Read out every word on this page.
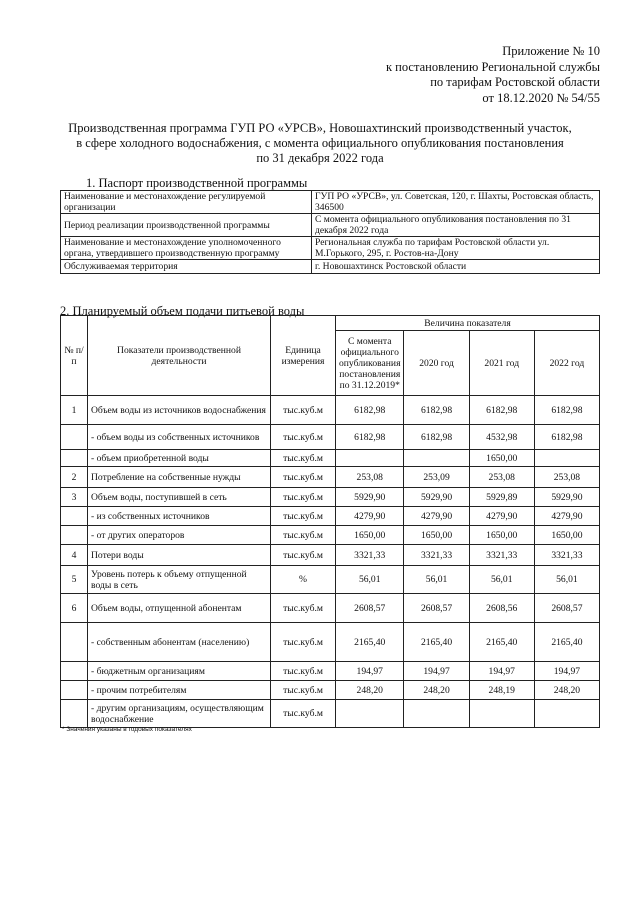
Приложение № 10
к постановлению Региональной службы
по тарифам Ростовской области
от 18.12.2020 № 54/55
Производственная программа ГУП РО «УРСВ», Новошахтинский производственный участок,
в сфере холодного водоснабжения, с момента официального опубликования постановления
по 31 декабря 2022 года
1. Паспорт производственной программы
Наименование и местонахождение регулируемой организации	ГУП РО «УРСВ», ул. Советская, 120, г. Шахты, Ростовская область, 346500
Период реализации производственной программы	С момента официального опубликования постановления по 31 декабря 2022 года
Наименование и местонахождение уполномоченного органа, утвердившего производственную программу	Региональная служба по тарифам Ростовской области ул. М.Горького, 295, г. Ростов-на-Дону
Обслуживаемая территория	г. Новошахтинск Ростовской области
2. Планируемый объем подачи питьевой воды
№ п/п	Показатели производственной деятельности	Единица измерения	Величина показателя			
			С момента официального опубликования постановления по 31.12.2019*	2020 год	2021 год	2022 год
1	Объем воды из источников водоснабжения	тыс.куб.м	6182,98	6182,98	6182,98	6182,98
	- объем воды из собственных источников	тыс.куб.м	6182,98	6182,98	4532,98	6182,98
	- объем приобретенной воды	тыс.куб.м			1650,00	
2	Потребление на собственные нужды	тыс.куб.м	253,08	253,09	253,08	253,08
3	Объем воды, поступившей в сеть	тыс.куб.м	5929,90	5929,90	5929,89	5929,90
	- из собственных источников	тыс.куб.м	4279,90	4279,90	4279,90	4279,90
	- от других операторов	тыс.куб.м	1650,00	1650,00	1650,00	1650,00
4	Потери воды	тыс.куб.м	3321,33	3321,33	3321,33	3321,33
5	Уровень потерь к объему отпущенной воды в сеть	%	56,01	56,01	56,01	56,01
6	Объем воды, отпущенной абонентам	тыс.куб.м	2608,57	2608,57	2608,56	2608,57
	- собственным абонентам (населению)	тыс.куб.м	2165,40	2165,40	2165,40	2165,40
	- бюджетным организациям	тыс.куб.м	194,97	194,97	194,97	194,97
	- прочим потребителям	тыс.куб.м	248,20	248,20	248,19	248,20
	- другим организациям, осуществляющим водоснабжение	тыс.куб.м				
* Значения указаны в годовых показателях
